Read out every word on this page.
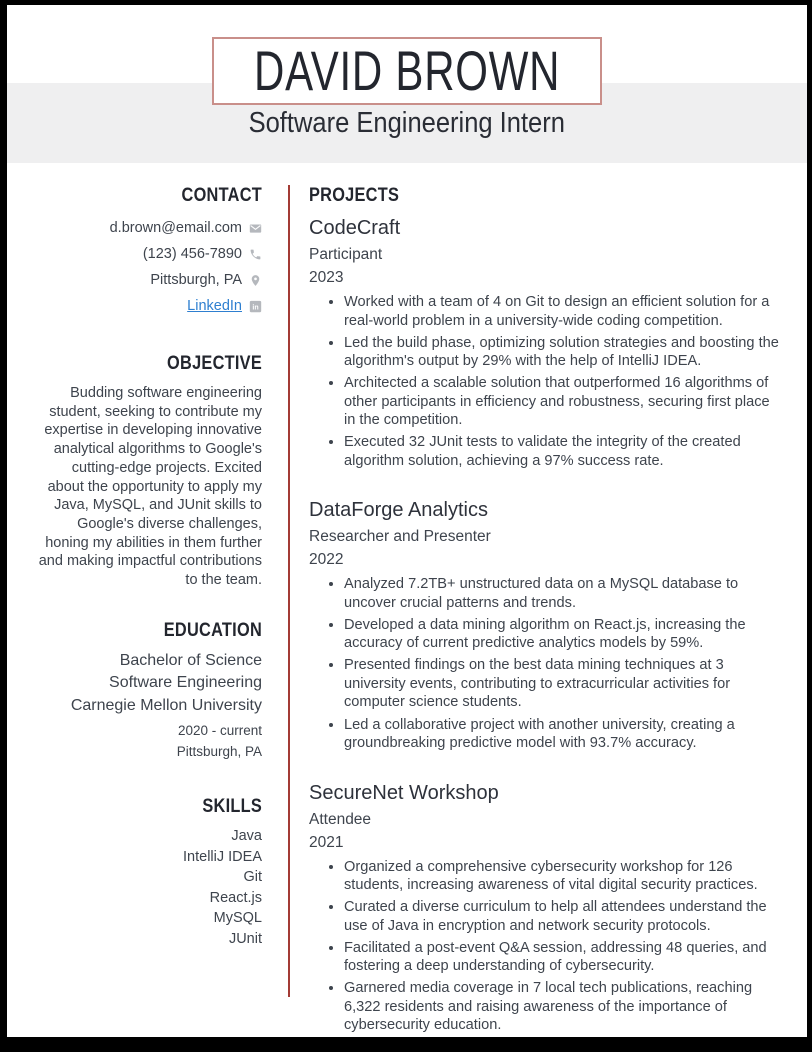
Software Engineering Intern
DAVID BROWN
CONTACT
d.brown@email.com
(123) 456-7890
Pittsburgh, PA
LinkedIn in
OBJECTIVE

Budding software engineering student, seeking to contribute my expertise in developing innovative analytical algorithms to Google's cutting-edge projects. Excited about the opportunity to apply my Java, MySQL, and JUnit skills to Google's diverse challenges, honing my abilities in them further and making impactful contributions to the team.

EDUCATION
Bachelor of Science
Software Engineering
Carnegie Mellon University
2020 - current
Pittsburgh, PA
SKILLS
Java
IntelliJ IDEA
Git
React.js
MySQL
JUnit
PROJECTS
CodeCraft
Participant
2023
• Worked with a team of 4 on Git to design an efficient solution for a real-world problem in a university-wide coding competition.
• Led the build phase, optimizing solution strategies and boosting the algorithm's output by 29% with the help of IntelliJ IDEA.
• Architected a scalable solution that outperformed 16 algorithms of other participants in efficiency and robustness, securing first place in the competition.
• Executed 32 JUnit tests to validate the integrity of the created algorithm solution, achieving a 97% success rate.
DataForge Analytics
Researcher and Presenter
2022
• Analyzed 7.2TB+ unstructured data on a MySQL database to uncover crucial patterns and trends.
• Developed a data mining algorithm on React.js, increasing the accuracy of current predictive analytics models by 59%.
• Presented findings on the best data mining techniques at 3 university events, contributing to extracurricular activities for computer science students.
• Led a collaborative project with another university, creating a groundbreaking predictive model with 93.7% accuracy.
SecureNet Workshop
Attendee
2021
• Organized a comprehensive cybersecurity workshop for 126 students, increasing awareness of vital digital security practices.
• Curated a diverse curriculum to help all attendees understand the use of Java in encryption and network security protocols.
• Facilitated a post-event Q&A session, addressing 48 queries, and fostering a deep understanding of cybersecurity.
• Garnered media coverage in 7 local tech publications, reaching 6,322 residents and raising awareness of the importance of cybersecurity education.
